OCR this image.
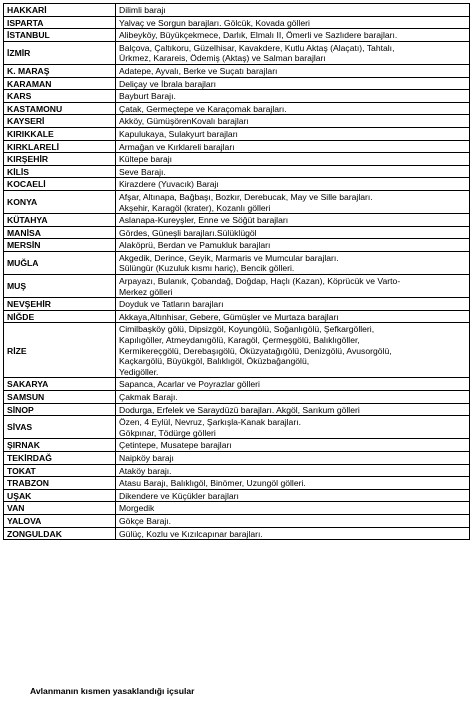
HAKKARİ	Dilimli barajı
ISPARTA	Yalvaç ve Sorgun barajları. Gölcük, Kovada gölleri
İSTANBUL	Alibeyköy, Büyükçekmece, Darlık, Elmalı II, Ömerli ve Sazlıdere barajları.
İZMİR	Balçova, Çaltıkoru, Güzelhisar, Kavakdere, Kutlu Aktaş (Alaçatı), Tahtalı,
Ürkmez, Karareis, Ödemiş (Aktaş) ve Salman barajları
K. MARAŞ	Adatepe, Ayvalı, Berke ve Suçatı barajları
KARAMAN	Deliçay ve İbrala barajları
KARS	Bayburt Barajı.
KASTAMONU	Çatak, Germeçtepe ve Karaçomak barajları.
KAYSERİ	Akköy, GümüşörenKovalı barajları
KIRIKKALE	Kapulukaya, Sulakyurt barajları
KIRKLARELİ	Armağan ve Kırklareli barajları
KIRŞEHİR	Kültepe barajı
KİLİS	Seve Barajı.
KOCAELİ	Kirazdere (Yuvacık) Barajı
KONYA	Afşar, Altınapa, Bağbaşı, Bozkır, Derebucak, May ve Sille barajları.
Akşehir, Karagöl (krater), Kozanlı gölleri
KÜTAHYA	Aslanapa-Kureyşler, Enne ve Söğüt barajları
MANİSA	Gördes, Güneşli barajları.Sülüklügöl
MERSİN	Alaköprü, Berdan ve Pamukluk barajları
MUĞLA	Akgedik, Derince, Geyik, Marmaris ve Mumcular barajları.
Sülüngür (Kuzuluk kısmı hariç), Bencik gölleri.
MUŞ	Arpayazı, Bulanık, Çobandağ, Doğdap, Haçlı (Kazan), Köprücük ve Varto-
Merkez gölleri
NEVŞEHİR	Doyduk ve Tatların barajları
NİĞDE	Akkaya,Altınhisar, Gebere, Gümüşler ve Murtaza barajları
RİZE	Cimilbaşköy gölü, Dipsizgöl, Koyungölü, Soğanlıgölü, Şefkargölleri,
Kapılıgöller, Atmeydanıgölü, Karagöl, Çermeşgölü, Balıklıgöller,
Kermikereçgölü, Derebaşıgölü, Öküzyatağıgölü, Denizgölü, Avusorgölü,
Kaçkargölü, Büyükgöl, Balıklıgöl, Öküzbağangölü,
Yedigöller.
SAKARYA	Sapanca, Acarlar ve Poyrazlar gölleri
SAMSUN	Çakmak Barajı.
SİNOP	Dodurga, Erfelek ve Saraydüzü barajları. Akgöl, Sarıkum gölleri
SİVAS	Özen, 4 Eylül, Nevruz, Şarkışla-Kanak barajları.
Gökpınar, Tödürge gölleri
ŞIRNAK	Çetintepe, Musatepe barajları
TEKİRDAĞ	Naipköy barajı
TOKAT	Ataköy barajı.
TRABZON	Atasu Barajı, Balıklıgöl, Binömer, Uzungöl gölleri.
UŞAK	Dikendere ve Küçükler barajları
VAN	Morgedik
YALOVA	Gökçe Barajı.
ZONGULDAK	Gülüç, Kozlu ve Kızılcapınar barajları.
Avlanmanın kısmen yasaklandığı içsular
